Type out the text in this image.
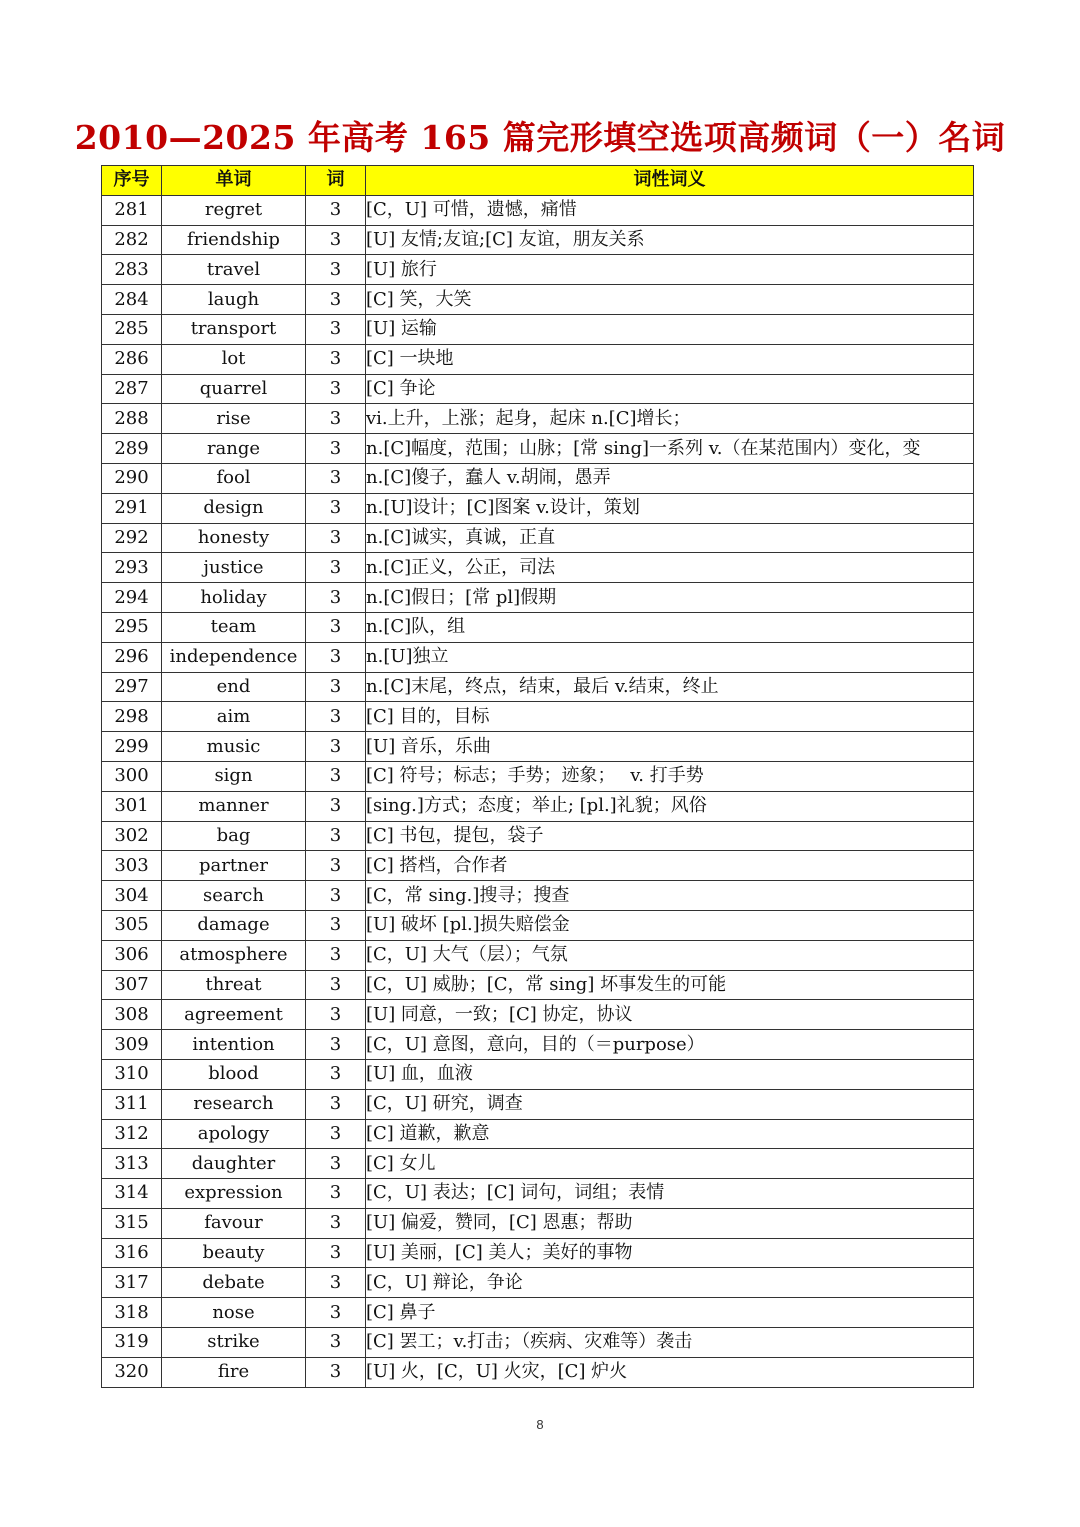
2010—2025 年高考 165 篇完形填空选项高频词（一）名词
序号	单词	词	词性词义
281	regret	3	[C，U] 可惜，遗憾，痛惜
282	friendship	3	[U] 友情;友谊;[C] 友谊，朋友关系
283	travel	3	[U] 旅行
284	laugh	3	[C] 笑，大笑
285	transport	3	[U] 运输
286	lot	3	[C] 一块地
287	quarrel	3	[C] 争论
288	rise	3	vi.上升，上涨；起身，起床 n.[C]增长；
289	range	3	n.[C]幅度，范围；山脉；[常 sing]一系列 v.（在某范围内）变化，变
290	fool	3	n.[C]傻子，蠢人 v.胡闹，愚弄
291	design	3	n.[U]设计；[C]图案 v.设计，策划
292	honesty	3	n.[C]诚实，真诚，正直
293	justice	3	n.[C]正义，公正，司法
294	holiday	3	n.[C]假日；[常 pl]假期
295	team	3	n.[C]队，组
296	independence	3	n.[U]独立
297	end	3	n.[C]末尾，终点，结束，最后 v.结束，终止
298	aim	3	[C] 目的，目标
299	music	3	[U] 音乐，乐曲
300	sign	3	[C] 符号；标志；手势；迹象；　 v. 打手势
301	manner	3	[sing.]方式；态度；举止; [pl.]礼貌；风俗
302	bag	3	[C] 书包，提包，袋子
303	partner	3	[C] 搭档，合作者
304	search	3	[C，常 sing.]搜寻；搜查
305	damage	3	[U] 破坏 [pl.]损失赔偿金
306	atmosphere	3	[C，U] 大气（层）；气氛
307	threat	3	[C，U] 威胁；[C，常 sing] 坏事发生的可能
308	agreement	3	[U] 同意，一致；[C] 协定，协议
309	intention	3	[C，U] 意图，意向，目的（＝purpose）
310	blood	3	[U] 血，血液
311	research	3	[C，U] 研究，调查
312	apology	3	[C] 道歉，歉意
313	daughter	3	[C] 女儿
314	expression	3	[C，U] 表达；[C] 词句，词组；表情
315	favour	3	[U] 偏爱，赞同，[C] 恩惠；帮助
316	beauty	3	[U] 美丽，[C] 美人；美好的事物
317	debate	3	[C，U] 辩论，争论
318	nose	3	[C] 鼻子
319	strike	3	[C] 罢工；v.打击；（疾病、灾难等）袭击
320	fire	3	[U] 火，[C，U] 火灾，[C] 炉火
8
